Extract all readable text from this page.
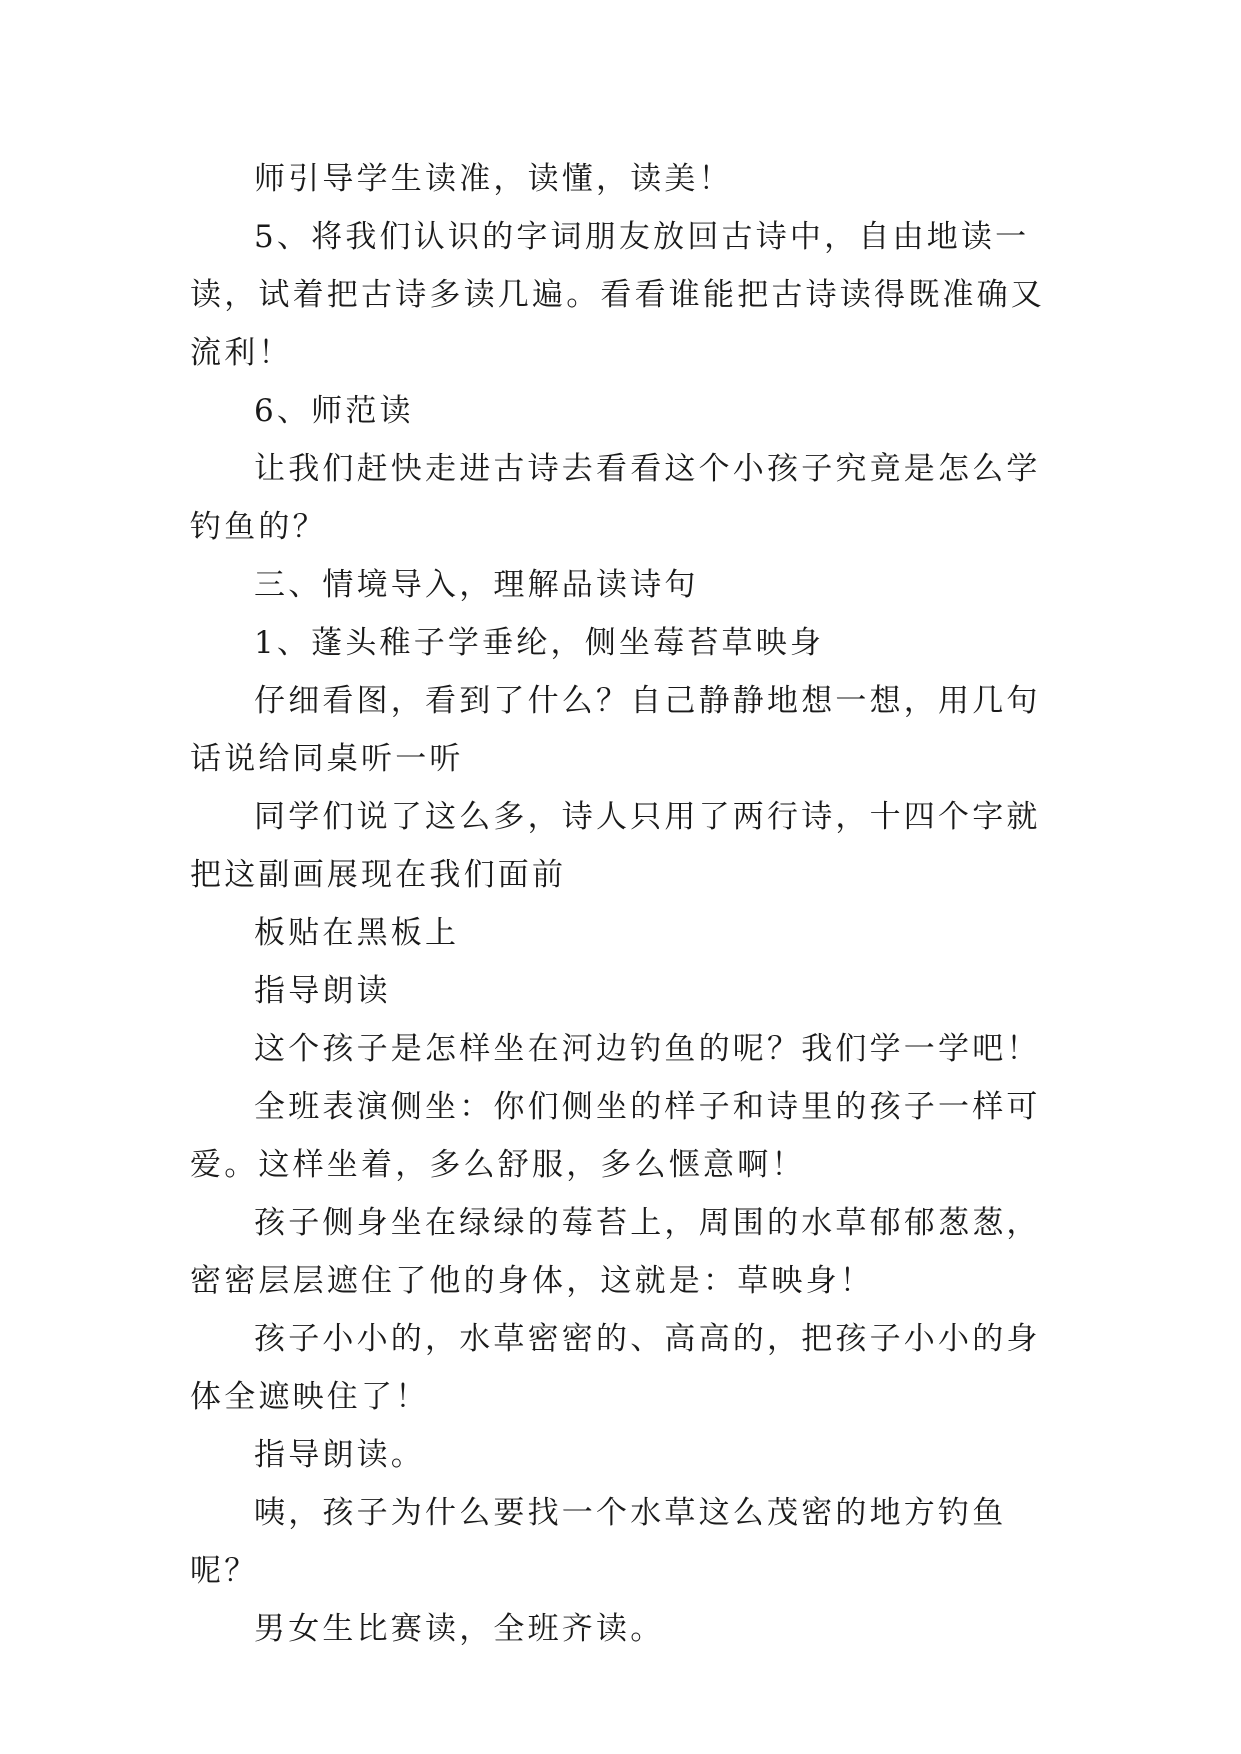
师引导学生读准，读懂，读美！

5、将我们认识的字词朋友放回古诗中，自由地读一读，试着把古诗多读几遍。看看谁能把古诗读得既准确又流利！

6、师范读

让我们赶快走进古诗去看看这个小孩子究竟是怎么学钓鱼的？

三、情境导入，理解品读诗句

1、蓬头稚子学垂纶，侧坐莓苔草映身

仔细看图，看到了什么？自己静静地想一想，用几句话说给同桌听一听

同学们说了这么多，诗人只用了两行诗，十四个字就把这副画展现在我们面前

板贴在黑板上

指导朗读

这个孩子是怎样坐在河边钓鱼的呢？我们学一学吧！

全班表演侧坐：你们侧坐的样子和诗里的孩子一样可爱。这样坐着，多么舒服，多么惬意啊！

孩子侧身坐在绿绿的莓苔上，周围的水草郁郁葱葱，密密层层遮住了他的身体，这就是：草映身！

孩子小小的，水草密密的、高高的，把孩子小小的身体全遮映住了！

指导朗读。

咦，孩子为什么要找一个水草这么茂密的地方钓鱼呢？

男女生比赛读，全班齐读。
